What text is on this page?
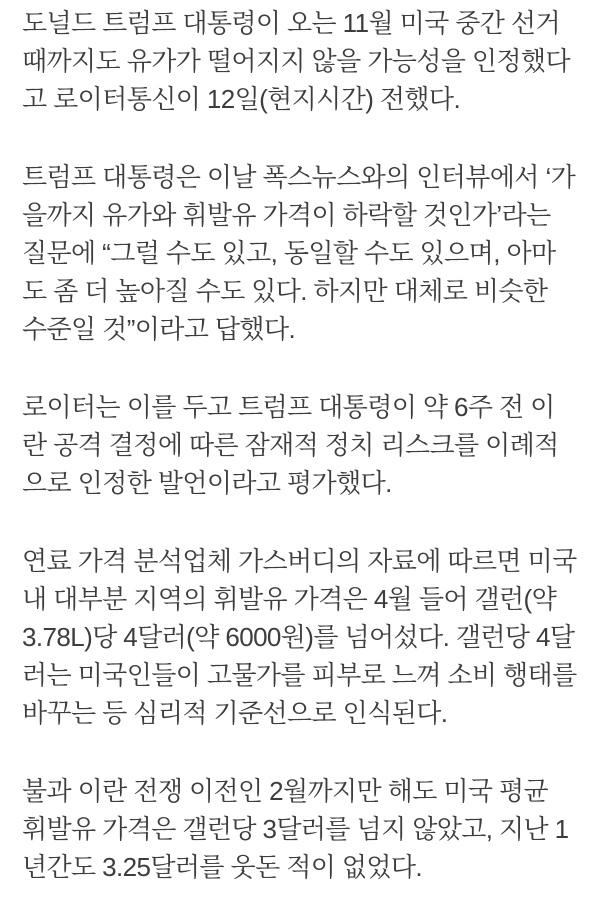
도널드 트럼프 대통령이 오는 11월 미국 중간 선거 때까지도 유가가 떨어지지 않을 가능성을 인정했다고 로이터통신이 12일(현지시간) 전했다.

트럼프 대통령은 이날 폭스뉴스와의 인터뷰에서 ‘가을까지 유가와 휘발유 가격이 하락할 것인가’라는 질문에 “그럴 수도 있고, 동일할 수도 있으며, 아마도 좀 더 높아질 수도 있다. 하지만 대체로 비슷한 수준일 것”이라고 답했다.

로이터는 이를 두고 트럼프 대통령이 약 6주 전 이란 공격 결정에 따른 잠재적 정치 리스크를 이례적으로 인정한 발언이라고 평가했다.

연료 가격 분석업체 가스버디의 자료에 따르면 미국 내 대부분 지역의 휘발유 가격은 4월 들어 갤런(약 3.78L)당 4달러(약 6000원)를 넘어섰다. 갤런당 4달러는 미국인들이 고물가를 피부로 느껴 소비 행태를 바꾸는 등 심리적 기준선으로 인식된다.

불과 이란 전쟁 이전인 2월까지만 해도 미국 평균 휘발유 가격은 갤런당 3달러를 넘지 않았고, 지난 1년간도 3.25달러를 웃돈 적이 없었다.
